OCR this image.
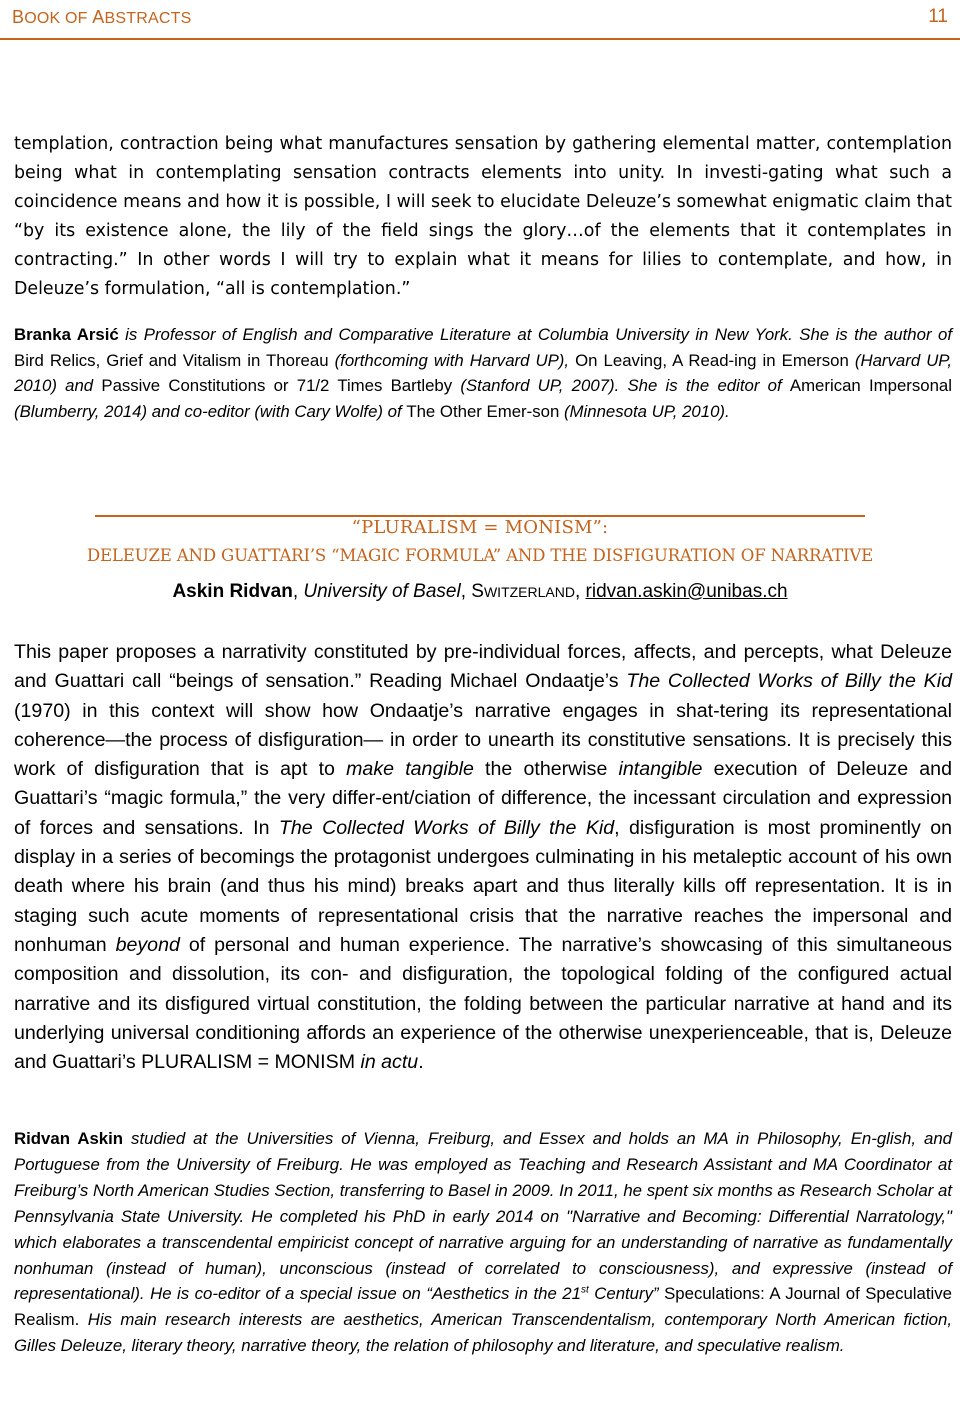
BOOK OF ABSTRACTS	11

templation, contraction being what manufactures sensation by gathering elemental matter, contemplation being what in contemplating sensation contracts elements into unity. In investi-gating what such a coincidence means and how it is possible, I will seek to elucidate Deleuze’s somewhat enigmatic claim that “by its existence alone, the lily of the field sings the glory…of the elements that it contemplates in contracting.” In other words I will try to explain what it means for lilies to contemplate, and how, in Deleuze’s formulation, “all is contemplation.”

Branka Arsić is Professor of English and Comparative Literature at Columbia University in New York. She is the author of Bird Relics, Grief and Vitalism in Thoreau (forthcoming with Harvard UP), On Leaving, A Read-ing in Emerson (Harvard UP, 2010) and Passive Constitutions or 71/2 Times Bartleby (Stanford UP, 2007). She is the editor of American Impersonal (Blumberry, 2014) and co-editor (with Cary Wolfe) of The Other Emer-son (Minnesota UP, 2010).

“PLURALISM = MONISM”:
DELEUZE AND GUATTARI’S “MAGIC FORMULA” AND THE DISFIGURATION OF NARRATIVE
Askin Ridvan, University of Basel, SWITZERLAND, ridvan.askin@unibas.ch

This paper proposes a narrativity constituted by pre-individual forces, affects, and percepts, what Deleuze and Guattari call “beings of sensation.” Reading Michael Ondaatje’s The Collected Works of Billy the Kid (1970) in this context will show how Ondaatje’s narrative engages in shat-tering its representational coherence—the process of disfiguration— in order to unearth its constitutive sensations. It is precisely this work of disfiguration that is apt to make tangible the otherwise intangible execution of Deleuze and Guattari’s “magic formula,” the very differ-ent/ciation of difference, the incessant circulation and expression of forces and sensations. In The Collected Works of Billy the Kid, disfiguration is most prominently on display in a series of becomings the protagonist undergoes culminating in his metaleptic account of his own death where his brain (and thus his mind) breaks apart and thus literally kills off representation. It is in staging such acute moments of representational crisis that the narrative reaches the impersonal and nonhuman beyond of personal and human experience. The narrative’s showcasing of this simultaneous composition and dissolution, its con- and disfiguration, the topological folding of the configured actual narrative and its disfigured virtual constitution, the folding between the particular narrative at hand and its underlying universal conditioning affords an experience of the otherwise unexperienceable, that is, Deleuze and Guattari’s PLURALISM = MONISM in actu.

Ridvan Askin studied at the Universities of Vienna, Freiburg, and Essex and holds an MA in Philosophy, En-glish, and Portuguese from the University of Freiburg. He was employed as Teaching and Research Assistant and MA Coordinator at Freiburg’s North American Studies Section, transferring to Basel in 2009. In 2011, he spent six months as Research Scholar at Pennsylvania State University. He completed his PhD in early 2014 on "Narrative and Becoming: Differential Narratology," which elaborates a transcendental empiricist concept of narrative arguing for an understanding of narrative as fundamentally nonhuman (instead of human), unconscious (instead of correlated to consciousness), and expressive (instead of representational). He is co-editor of a special issue on “Aesthetics in the 21st Century” Speculations: A Journal of Speculative Realism. His main research interests are aesthetics, American Transcendentalism, contemporary North American fiction, Gilles Deleuze, literary theory, narrative theory, the relation of philosophy and literature, and speculative realism.
